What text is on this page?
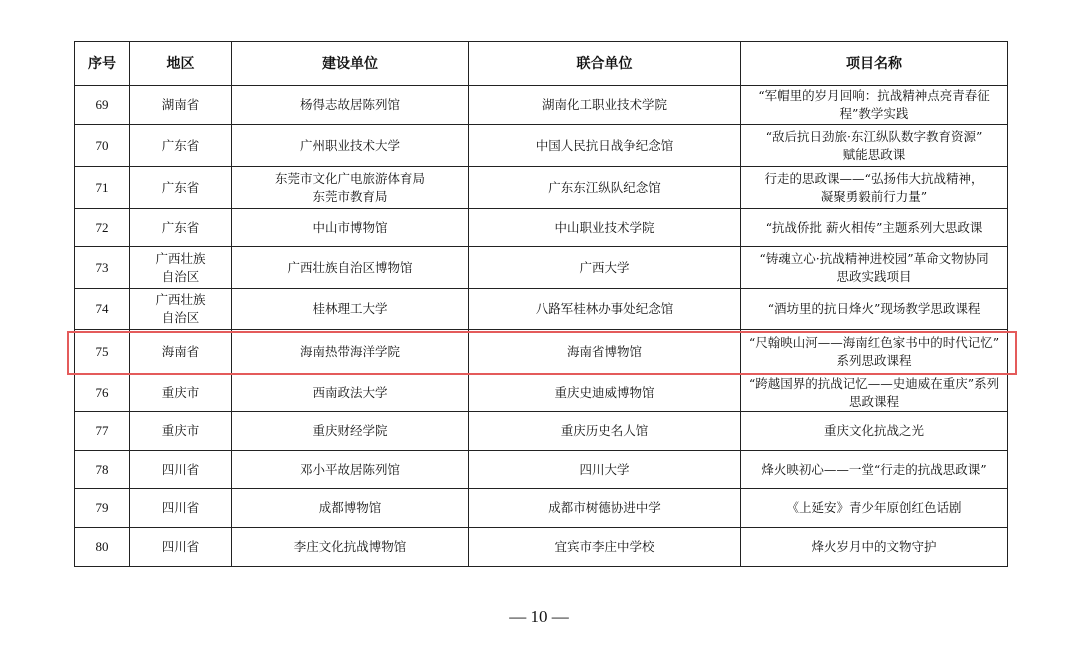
序号	地区	建设单位	联合单位	项目名称
69	湖南省	杨得志故居陈列馆	湖南化工职业技术学院	“军帽里的岁月回响：抗战精神点亮青春征程”教学实践

70	广东省	广州职业技术大学	中国人民抗日战争纪念馆	“敌后抗日劲旅·东江纵队数字教育资源”
赋能思政课

71	广东省	东莞市文化广电旅游体育局
东莞市教育局	广东东江纵队纪念馆	行走的思政课——“弘扬伟大抗战精神，
凝聚勇毅前行力量”

72	广东省	中山市博物馆	中山职业技术学院	“抗战侨批 薪火相传”主题系列大思政课

73	广西壮族
自治区	广西壮族自治区博物馆	广西大学	“铸魂立心·抗战精神进校园”革命文物协同
思政实践项目

74	广西壮族
自治区	桂林理工大学	八路军桂林办事处纪念馆	“酒坊里的抗日烽火”现场教学思政课程

75	海南省	海南热带海洋学院	海南省博物馆	“尺翰映山河——海南红色家书中的时代记忆”
系列思政课程

76	重庆市	西南政法大学	重庆史迪威博物馆	“跨越国界的抗战记忆——史迪威在重庆”系列思政课程

77	重庆市	重庆财经学院	重庆历史名人馆	重庆文化抗战之光

78	四川省	邓小平故居陈列馆	四川大学	烽火映初心——一堂“行走的抗战思政课”

79	四川省	成都博物馆	成都市树德协进中学	《上延安》青少年原创红色话剧

80	四川省	李庄文化抗战博物馆	宜宾市李庄中学校	烽火岁月中的文物守护
— 10 —
